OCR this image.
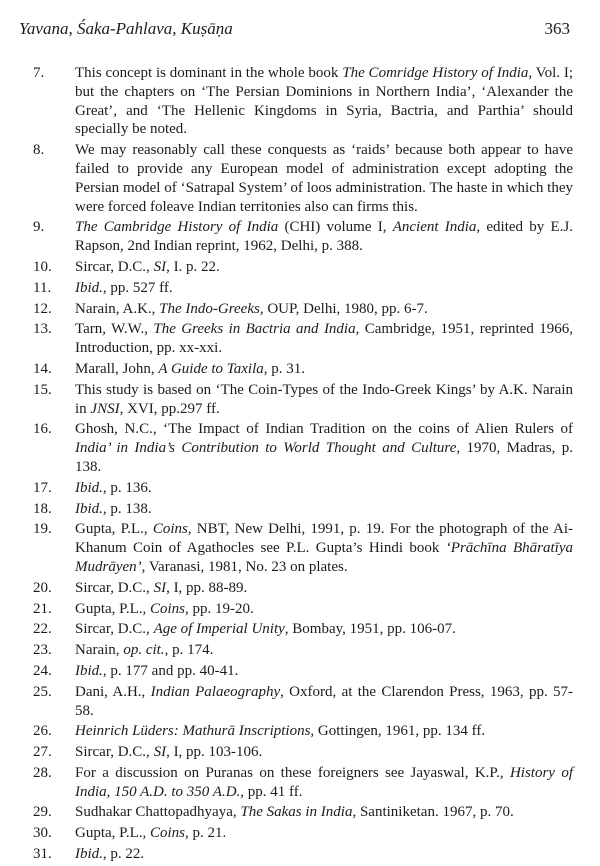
Yavana, Śaka-Pahlava, Kuṣāṇa	363
7.	This concept is dominant in the whole book The Comridge History of India, Vol. I; but the chapters on ‘The Persian Dominions in Northern India’, ‘Alexander the Great’, and ‘The Hellenic Kingdoms in Syria, Bactria, and Parthia’ should specially be noted.
8.	We may reasonably call these conquests as ‘raids’ because both appear to have failed to provide any European model of administration except adopting the Persian model of ‘Satrapal System’ of loos administration. The haste in which they were forced foleave Indian territonies also can firms this.
9.	The Cambridge History of India (CHI) volume I, Ancient India, edited by E.J. Rapson, 2nd Indian reprint, 1962, Delhi, p. 388.
10.	Sircar, D.C., SI, I. p. 22.
11.	Ibid., pp. 527 ff.
12.	Narain, A.K., The Indo-Greeks, OUP, Delhi, 1980, pp. 6-7.
13.	Tarn, W.W., The Greeks in Bactria and India, Cambridge, 1951, reprinted 1966, Introduction, pp. xx-xxi.
14.	Marall, John, A Guide to Taxila, p. 31.
15.	This study is based on ‘The Coin-Types of the Indo-Greek Kings’ by A.K. Narain in JNSI, XVI, pp.297 ff.
16.	Ghosh, N.C., ‘The Impact of Indian Tradition on the coins of Alien Rulers of India’ in India’s Contribution to World Thought and Culture, 1970, Madras, p. 138.
17.	Ibid., p. 136.
18.	Ibid., p. 138.
19.	Gupta, P.L., Coins, NBT, New Delhi, 1991, p. 19. For the photograph of the Ai-Khanum Coin of Agathocles see P.L. Gupta’s Hindi book ‘Prāchīna Bhāratīya Mudrāyen’, Varanasi, 1981, No. 23 on plates.
20.	Sircar, D.C., SI, I, pp. 88-89.
21.	Gupta, P.L., Coins, pp. 19-20.
22.	Sircar, D.C., Age of Imperial Unity, Bombay, 1951, pp. 106-07.
23.	Narain, op. cit., p. 174.
24.	Ibid., p. 177 and pp. 40-41.
25.	Dani, A.H., Indian Palaeography, Oxford, at the Clarendon Press, 1963, pp. 57-58.
26.	Heinrich Lüders: Mathurā Inscriptions, Gottingen, 1961, pp. 134 ff.
27.	Sircar, D.C., SI, I, pp. 103-106.
28.	For a discussion on Puranas on these foreigners see Jayaswal, K.P., History of India, 150 A.D. to 350 A.D., pp. 41 ff.
29.	Sudhakar Chattopadhyaya, The Sakas in India, Santiniketan. 1967, p. 70.
30.	Gupta, P.L., Coins, p. 21.
31.	Ibid., p. 22.
